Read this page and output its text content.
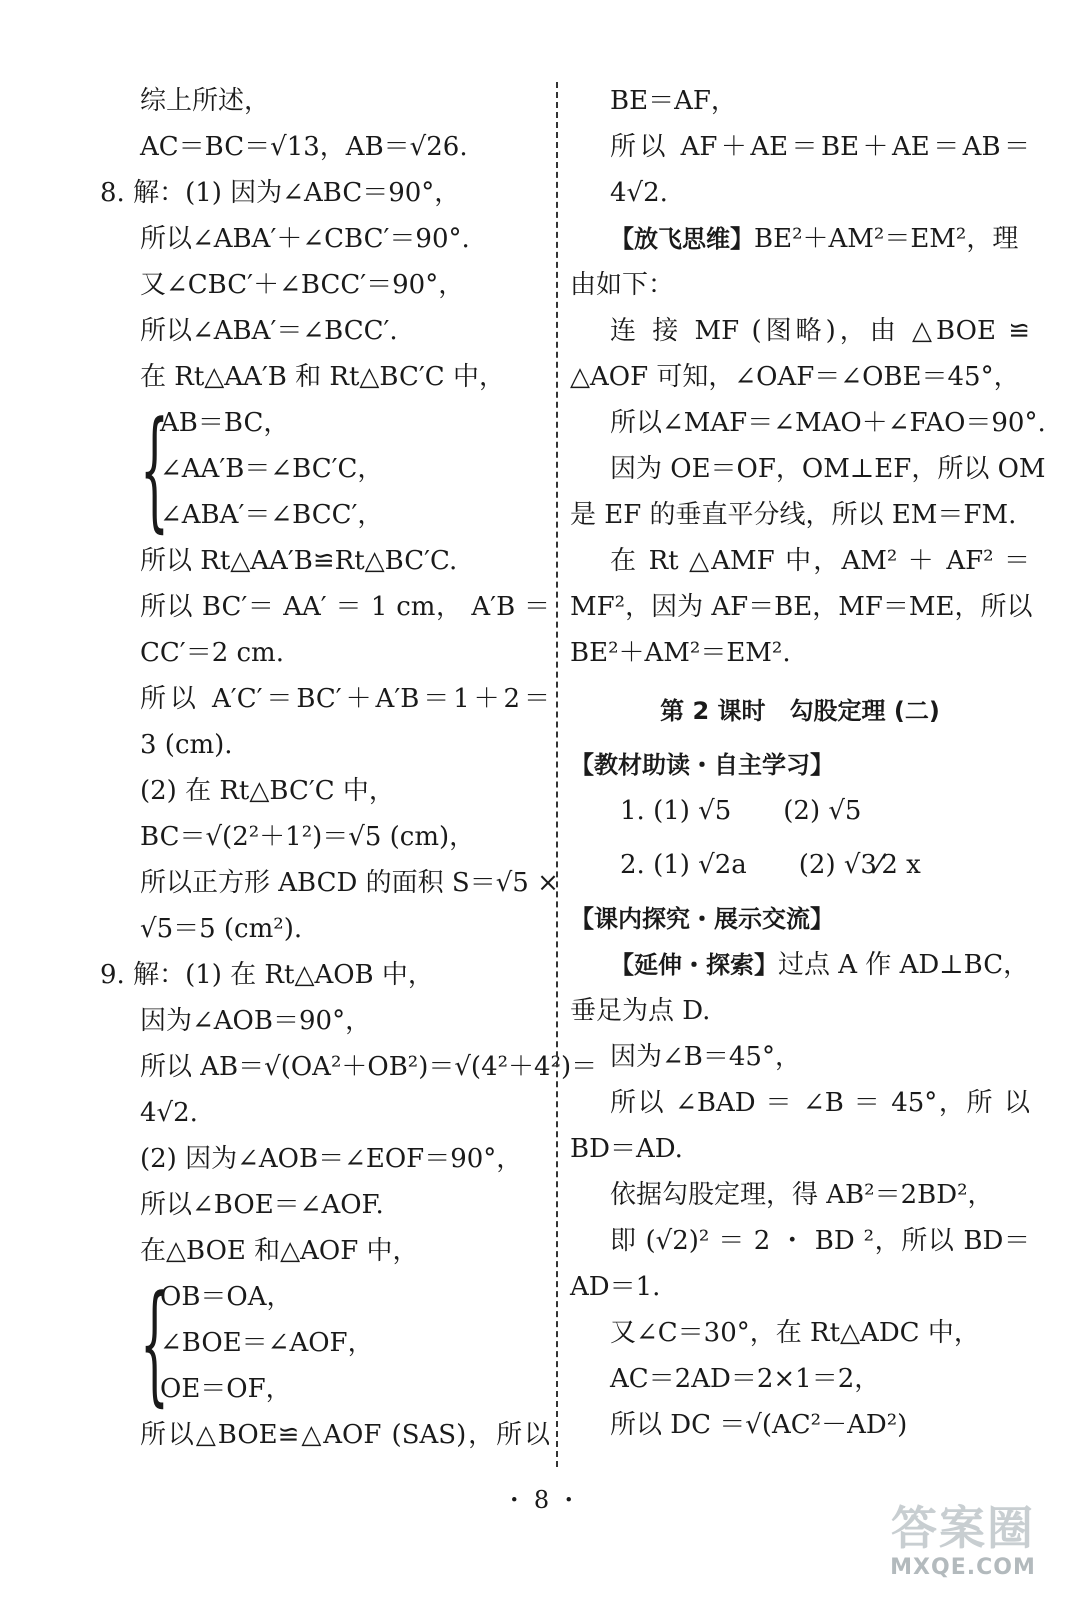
综上所述，
AC＝BC＝√13，AB＝√26.
8. 解：(1) 因为∠ABC＝90°，
所以∠ABA′＋∠CBC′＝90°.
又∠CBC′＋∠BCC′＝90°，
所以∠ABA′＝∠BCC′.
在 Rt△AA′B 和 Rt△BC′C 中，
{
AB＝BC，
∠AA′B＝∠BC′C，
∠ABA′＝∠BCC′，
所以 Rt△AA′B≌Rt△BC′C.
所以 BC′＝ AA′ ＝ 1 cm， A′B ＝
CC′＝2 cm.
所以 A′C′＝BC′＋A′B＝1＋2＝
3 (cm).
(2) 在 Rt△BC′C 中，
BC＝√(2²＋1²)＝√5 (cm)，
所以正方形 ABCD 的面积 S＝√5 ×
√5＝5 (cm²).
9. 解：(1) 在 Rt△AOB 中，
因为∠AOB＝90°，
所以 AB＝√(OA²＋OB²)＝√(4²＋4²)＝
4√2.
(2) 因为∠AOB＝∠EOF＝90°，
所以∠BOE＝∠AOF.
在△BOE 和△AOF 中，
{
OB＝OA，
∠BOE＝∠AOF，
OE＝OF，
所以△BOE≌△AOF (SAS)，所以
BE＝AF，
所以 AF＋AE＝BE＋AE＝AB＝
4√2.
【放飞思维】BE²＋AM²＝EM²，理
由如下：
连 接 MF (图略)，由 △BOE ≌
△AOF 可知，∠OAF＝∠OBE＝45°，
所以∠MAF＝∠MAO＋∠FAO＝90°.
因为 OE＝OF，OM⊥EF，所以 OM
是 EF 的垂直平分线，所以 EM＝FM.
在 Rt △AMF 中，AM² ＋ AF² ＝
MF²，因为 AF＝BE，MF＝ME，所以
BE²＋AM²＝EM².
第 2 课时　勾股定理 (二)
【教材助读・自主学习】
1. (1) √5　　(2) √5
2. (1) √2a　　(2) √3⁄2 x
【课内探究・展示交流】
【延伸・探索】过点 A 作 AD⊥BC，
垂足为点 D.
因为∠B＝45°，
所以 ∠BAD ＝ ∠B ＝ 45°，所 以
BD＝AD.
依据勾股定理，得 AB²＝2BD²，
即 (√2)² ＝ 2 ・ BD ²，所以 BD＝
AD＝1.
又∠C＝30°，在 Rt△ADC 中，
AC＝2AD＝2×1＝2，
所以 DC ＝√(AC²－AD²)
・ 8 ・
答案圈
MXQE.COM
